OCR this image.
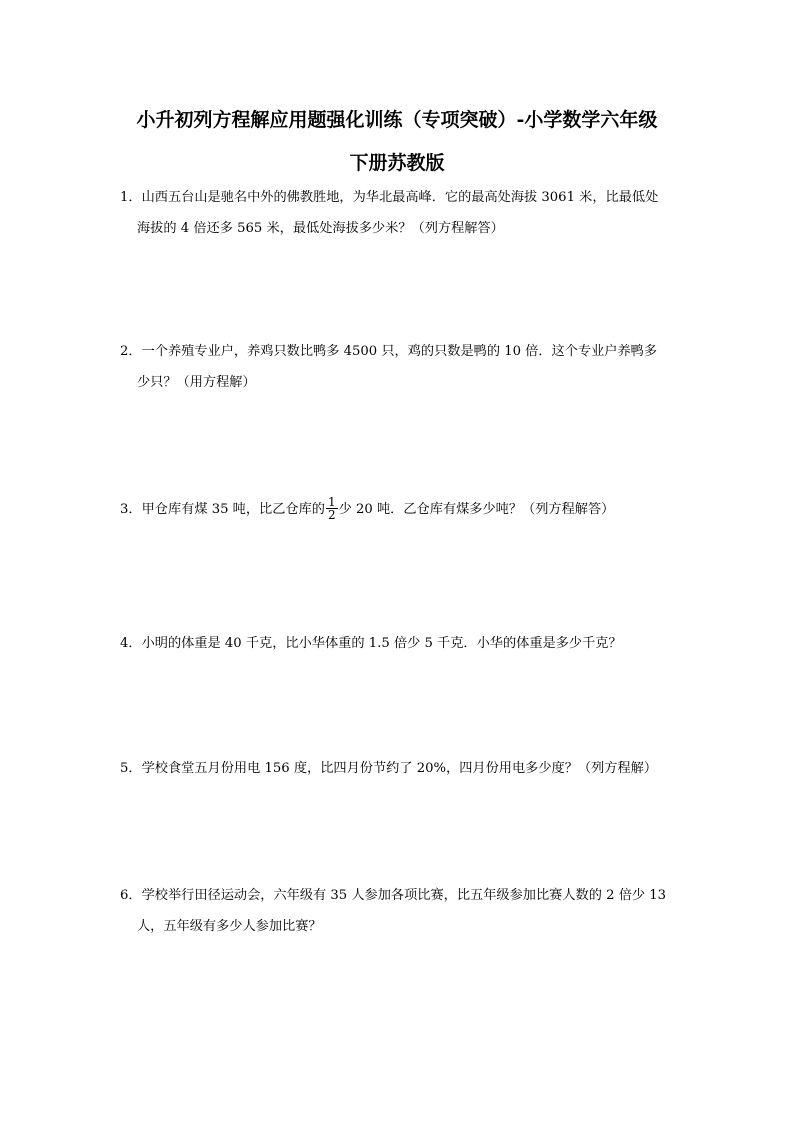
小升初列方程解应用题强化训练（专项突破）-小学数学六年级
下册苏教版
1．山西五台山是驰名中外的佛教胜地，为华北最高峰．它的最高处海拔 3061 米，比最低处
海拔的 4 倍还多 565 米，最低处海拔多少米？（列方程解答）
2．一个养殖专业户，养鸡只数比鸭多 4500 只，鸡的只数是鸭的 10 倍．这个专业户养鸭多
少只？（用方程解）
3．甲仓库有煤 35 吨，比乙仓库的 $\frac{1}{2}$ 少 20 吨．乙仓库有煤多少吨？（列方程解答）
4．小明的体重是 40 千克，比小华体重的 1.5 倍少 5 千克．小华的体重是多少千克？
5．学校食堂五月份用电 156 度，比四月份节约了 20%，四月份用电多少度？（列方程解）
6．学校举行田径运动会，六年级有 35 人参加各项比赛，比五年级参加比赛人数的 2 倍少 13
人，五年级有多少人参加比赛？
